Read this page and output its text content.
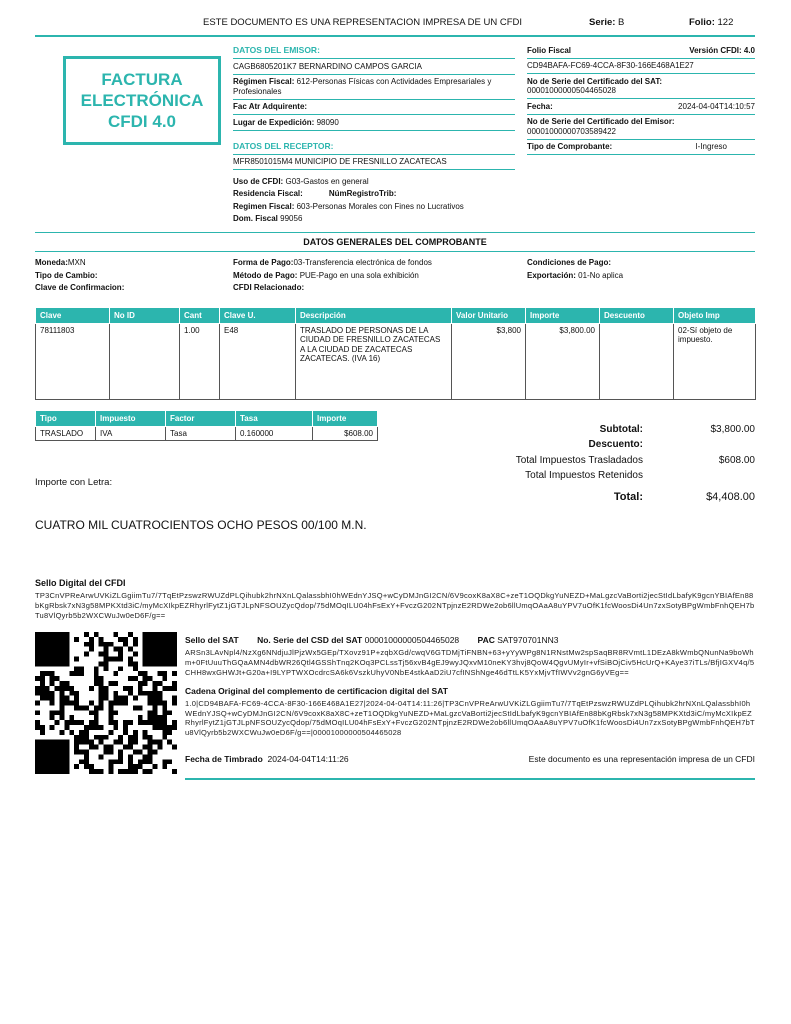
ESTE DOCUMENTO ES UNA REPRESENTACION IMPRESA DE UN CFDI	Serie: B	Folio: 122
FACTURA
ELECTRÓNICA
CFDI 4.0
DATOS DEL EMISOR:
CAGB6805201K7 BERNARDINO CAMPOS GARCIA
Régimen Fiscal: 612-Personas Físicas con Actividades Empresariales y Profesionales
Fac Atr Adquirente:
Lugar de Expedición: 98090
DATOS DEL RECEPTOR:
MFR8501015M4 MUNICIPIO DE FRESNILLO ZACATECAS
Uso de CFDI: G03-Gastos en general
Residencia Fiscal:	NúmRegistroTrib:
Regimen Fiscal: 603-Personas Morales con Fines no Lucrativos
Dom. Fiscal 99056
Folio Fiscal	Versión CFDI: 4.0
CD94BAFA-FC69-4CCA-8F30-166E468A1E27
No de Serie del Certificado del SAT:
00001000000504465028
Fecha:	2024-04-04T14:10:57
No de Serie del Certificado del Emisor:
00001000000703589422
Tipo de Comprobante:	I-Ingreso
DATOS GENERALES DEL COMPROBANTE
Moneda:MXN
Tipo de Cambio:
Clave de Confirmacion:
Forma de Pago:03-Transferencia electrónica de fondos
Método de Pago: PUE-Pago en una sola exhibición
CFDI Relacionado:
Condiciones de Pago:
Exportación: 01-No aplica
Clave	No ID	Cant	Clave U.	Descripción	Valor Unitario	Importe	Descuento	Objeto Imp
78111803		1.00	E48	TRASLADO DE PERSONAS DE LA CIUDAD DE FRESNILLO ZACATECAS A LA CIUDAD DE ZACATECAS ZACATECAS. (IVA 16)	$3,800	$3,800.00		02-Sí objeto de impuesto.
Tipo	Impuesto	Factor	Tasa	Importe
TRASLADO	IVA	Tasa	0.160000	$608.00
Importe con Letra:
Subtotal:	$3,800.00
Descuento:
Total Impuestos Trasladados	$608.00
Total Impuestos Retenidos
Total:	$4,408.00
CUATRO MIL CUATROCIENTOS OCHO PESOS 00/100 M.N.
Sello Digital del CFDI
TP3CnVPReArwUVKiZLGgiimTu7/7TqEtPzswzRWUZdPLQihubk2hrNXnLQalassbhI0hWEdnYJSQ+wCyDMJnGI2CN/6V9coxK8aX8C+zeT1OQDkgYuNEZD+MaLgzcVaBorti2jecStIdLbafyK9gcnYBIAfEn88bKgRbsk7xN3g58MPKXtd3iC/myMcXIkpEZRhyrlFytZ1jGTJLpNFSOUZycQdop/75dMOqILU04hFsExY+FvczG202NTpjnzE2RDWe2ob6llUmqOAaA8uYPV7uOfK1fcWoosDi4Un7zxSotyBPgWmbFnhQEH7bTu8VlQyrb5b2WXCWuJw0eD6F/g==
Sello del SAT No. Serie del CSD del SAT 00001000000504465028 PAC SAT970701NN3
ARSn3LAvNpl4/NzXg6NNdjuJlPjzWx5GEp/TXovz91P+zqbXGd/cwqV6GTDMjTiFNBN+63+yYyWPg8N1RNstMw2spSaqBR8RVmtL1DEzA8kWmbQNunNa9boWhm+0FtUuuThGQaAMN4dbWR26Qtl4GSShTnq2KOq3PCLssTj56xvB4gEJ9wyJQxvM10neKY3hvj8QoW4QgvUMyIr+vfSiBOjCiv5HcUrQ+KAye37iTLs/BfjIGXV4q/5CHH8wxGHWJt+G20a+I9LYPTWXOcdrcSA6k6VszkUhyV0NbE4stkAaD2iU7cfINShNge46dTtLK5YxMjvTfIWVv2gnG6yVEg==
Cadena Original del complemento de certificacion digital del SAT
1.0|CD94BAFA-FC69-4CCA-8F30-166E468A1E27|2024-04-04T14:11:26|TP3CnVPReArwUVKiZLGgiimTu7/7TqEtPzswzRWUZdPLQihubk2hrNXnLQalassbhI0hWEdnYJSQ+wCyDMJnGI2CN/6V9coxK8aX8C+zeT1OQDkgYuNEZD+MaLgzcVaBorti2jecStIdLbafyK9gcnYBIAfEn88bKgRbsk7xN3g58MPKXtd3iC/myMcXIkpEZRhyrlFytZ1jGTJLpNFSOUZycQdop/75dMOqILU04hFsExY+FvczG202NTpjnzE2RDWe2ob6llUmqOAaA8uYPV7uOfK1fcWoosDi4Un7zxSotyBPgWmbFnhQEH7bTu8VlQyrb5b2WXCWuJw0eD6F/g==|00001000000504465028
Fecha de Timbrado 2024-04-04T14:11:26	Este documento es una representación impresa de un CFDI
